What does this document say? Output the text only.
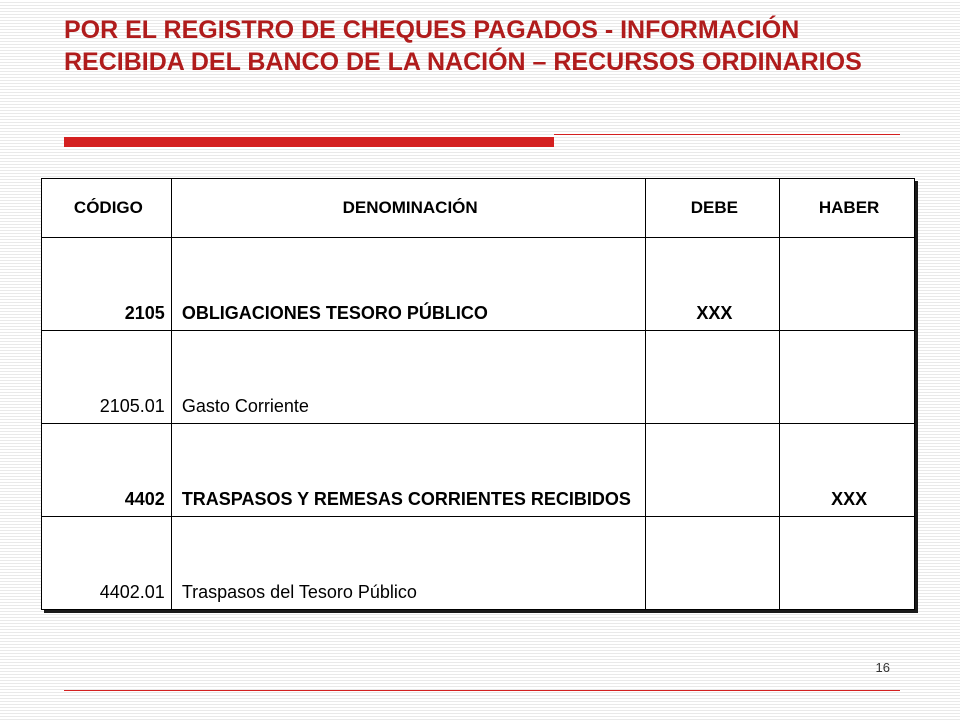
POR EL REGISTRO DE CHEQUES PAGADOS - INFORMACIÓN
RECIBIDA DEL BANCO DE LA NACIÓN – RECURSOS ORDINARIOS
CÓDIGO	DENOMINACIÓN	DEBE	HABER
2105	OBLIGACIONES TESORO PÚBLICO	XXX	
2105.01	Gasto Corriente		
4402	TRASPASOS Y REMESAS CORRIENTES RECIBIDOS		XXX
4402.01	Traspasos del Tesoro Público		
16
